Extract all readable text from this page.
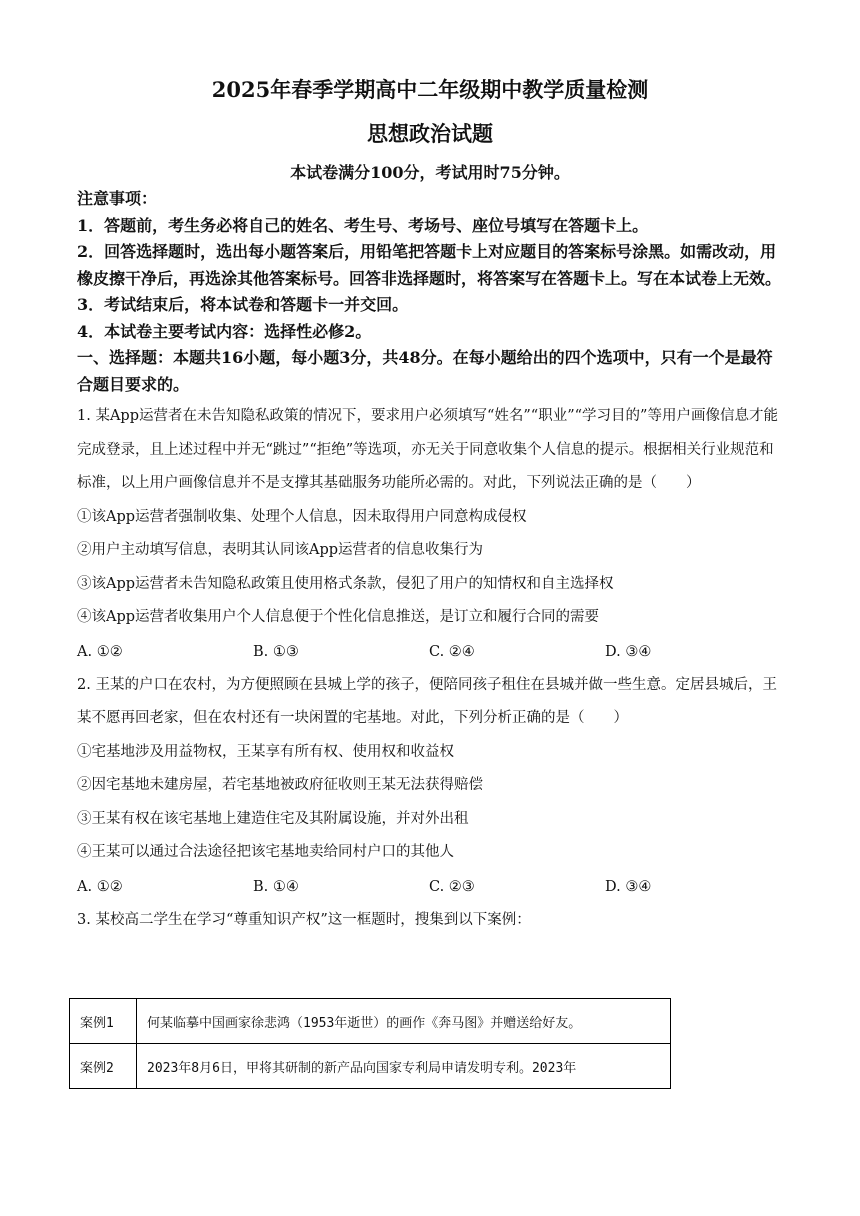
2025年春季学期高中二年级期中教学质量检测
思想政治试题
本试卷满分100分，考试用时75分钟。

注意事项：

1．答题前，考生务必将自己的姓名、考生号、考场号、座位号填写在答题卡上。

2．回答选择题时，选出每小题答案后，用铅笔把答题卡上对应题目的答案标号涂黑。如需改动，用橡皮擦干净后，再选涂其他答案标号。回答非选择题时，将答案写在答题卡上。写在本试卷上无效。

3．考试结束后，将本试卷和答题卡一并交回。

4．本试卷主要考试内容：选择性必修2。

一、选择题：本题共16小题，每小题3分，共48分。在每小题给出的四个选项中，只有一个是最符合题目要求的。

1. 某App运营者在未告知隐私政策的情况下，要求用户必须填写“姓名”“职业”“学习目的”等用户画像信息才能完成登录，且上述过程中并无“跳过”“拒绝”等选项，亦无关于同意收集个人信息的提示。根据相关行业规范和标准，以上用户画像信息并不是支撑其基础服务功能所必需的。对此，下列说法正确的是（　　）

①该App运营者强制收集、处理个人信息，因未取得用户同意构成侵权

②用户主动填写信息，表明其认同该App运营者的信息收集行为

③该App运营者未告知隐私政策且使用格式条款，侵犯了用户的知情权和自主选择权

④该App运营者收集用户个人信息便于个性化信息推送，是订立和履行合同的需要

A. ①②	B. ①③	C. ②④	D. ③④

2. 王某的户口在农村，为方便照顾在县城上学的孩子，便陪同孩子租住在县城并做一些生意。定居县城后，王某不愿再回老家，但在农村还有一块闲置的宅基地。对此，下列分析正确的是（　　）

①宅基地涉及用益物权，王某享有所有权、使用权和收益权

②因宅基地未建房屋，若宅基地被政府征收则王某无法获得赔偿

③王某有权在该宅基地上建造住宅及其附属设施，并对外出租

④王某可以通过合法途径把该宅基地卖给同村户口的其他人

A. ①②	B. ①④	C. ②③	D. ③④

3. 某校高二学生在学习“尊重知识产权”这一框题时，搜集到以下案例：

案例1	何某临摹中国画家徐悲鸿（1953年逝世）的画作《奔马图》并赠送给好友。
案例2	2023年8月6日，甲将其研制的新产品向国家专利局申请发明专利。2023年
